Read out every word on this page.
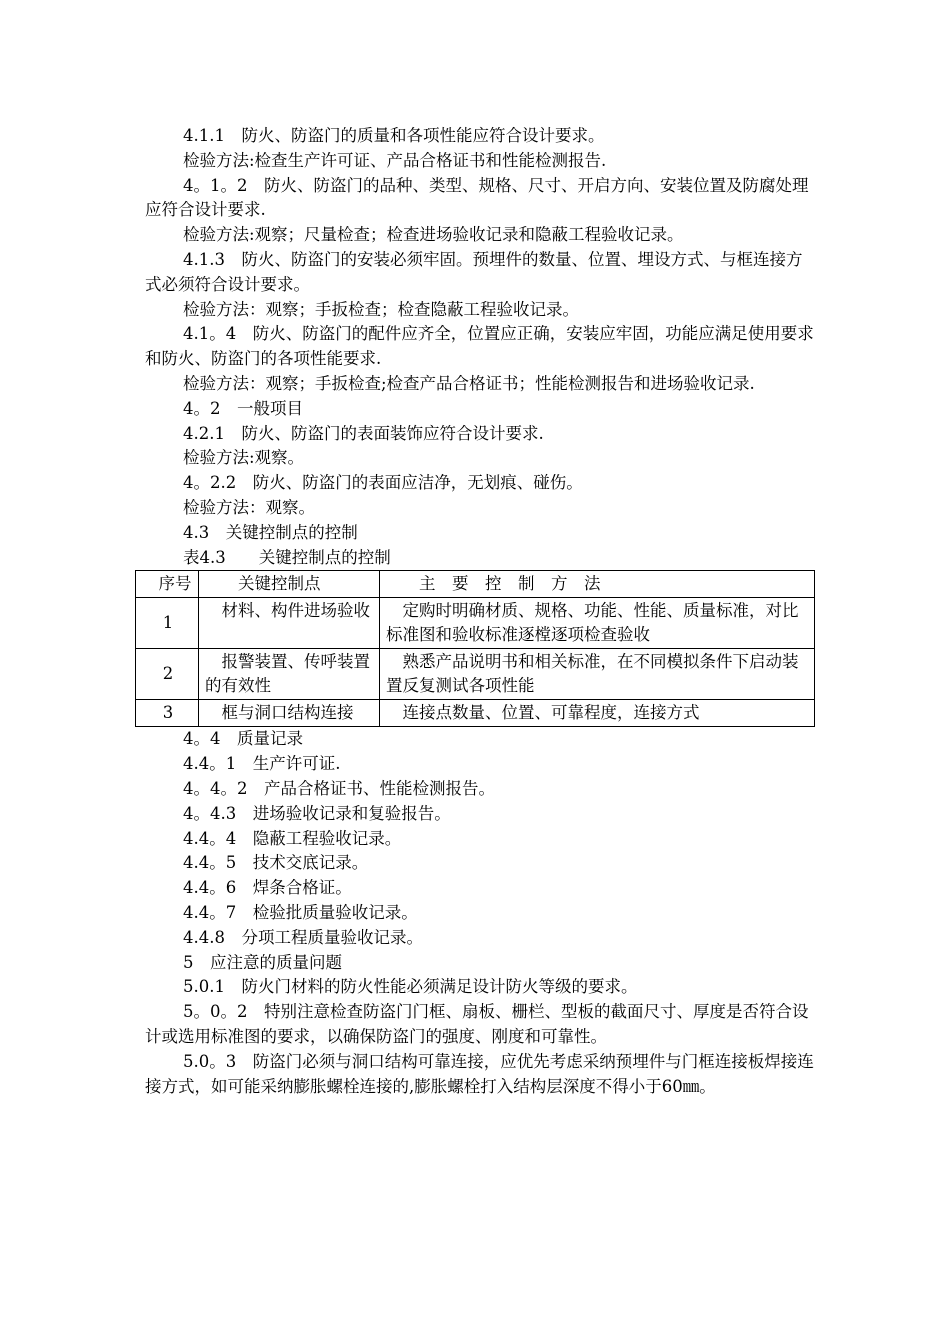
4.1.1　防火、防盗门的质量和各项性能应符合设计要求。

检验方法:检查生产许可证、产品合格证书和性能检测报告.

4。1。2　防火、防盗门的品种、类型、规格、尺寸、开启方向、安装位置及防腐处理应符合设计要求.

检验方法:观察；尺量检查；检查进场验收记录和隐蔽工程验收记录。

4.1.3　防火、防盗门的安装必须牢固。预埋件的数量、位置、埋设方式、与框连接方式必须符合设计要求。

检验方法：观察；手扳检查；检查隐蔽工程验收记录。

4.1。4　防火、防盗门的配件应齐全，位置应正确，安装应牢固，功能应满足使用要求和防火、防盗门的各项性能要求.

检验方法：观察；手扳检查;检查产品合格证书；性能检测报告和进场验收记录.

4。2　一般项目

4.2.1　防火、防盗门的表面装饰应符合设计要求.

检验方法:观察。

4。2.2　防火、防盗门的表面应洁净，无划痕、碰伤。

检验方法：观察。

4.3　关键控制点的控制

表4.3　　关键控制点的控制

　序号	　　关键控制点	　　主　要　控　制　方　法
1	　材料、构件进场验收	　定购时明确材质、规格、功能、性能、质量标准，对比标准图和验收标准逐樘逐项检查验收
2	　报警装置、传呼装置的有效性	　熟悉产品说明书和相关标准，在不同模拟条件下启动装置反复测试各项性能
3	　框与洞口结构连接	　连接点数量、位置、可靠程度，连接方式

4。4　质量记录

4.4。1　生产许可证.

4。4。2　产品合格证书、性能检测报告。

4。4.3　进场验收记录和复验报告。

4.4。4　隐蔽工程验收记录。

4.4。5　技术交底记录。

4.4。6　焊条合格证。

4.4。7　检验批质量验收记录。

4.4.8　分项工程质量验收记录。

5　应注意的质量问题

5.0.1　防火门材料的防火性能必须满足设计防火等级的要求。

5。0。2　特别注意检查防盗门门框、扇板、栅栏、型板的截面尺寸、厚度是否符合设计或选用标准图的要求，以确保防盗门的强度、刚度和可靠性。

5.0。3　防盗门必须与洞口结构可靠连接，应优先考虑采纳预埋件与门框连接板焊接连接方式，如可能采纳膨胀螺栓连接的,膨胀螺栓打入结构层深度不得小于60㎜。
